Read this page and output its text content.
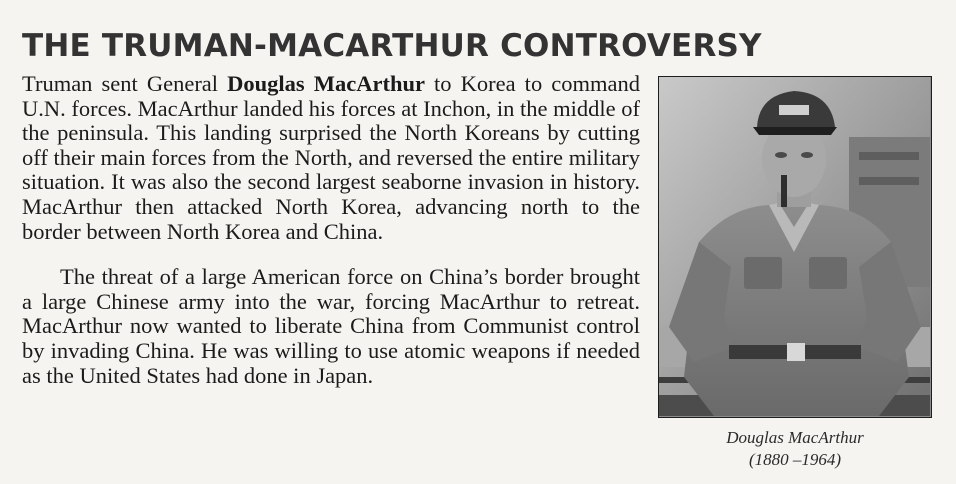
THE TRUMAN-MACARTHUR CONTROVERSY

Truman sent General Douglas MacArthur to Korea to command U.N. forces. MacArthur landed his forces at Inchon, in the middle of the peninsula. This landing surprised the North Koreans by cutting off their main forces from the North, and reversed the entire military situation. It was also the second largest seaborne invasion in history. MacArthur then attacked North Korea, advancing north to the border between North Korea and China.

The threat of a large American force on China’s border brought a large Chinese army into the war, forcing MacArthur to retreat. MacArthur now wanted to liberate China from Communist control by invading China. He was willing to use atomic weapons if needed as the United States had done in Japan.

Douglas MacArthur
(1880 –1964)
